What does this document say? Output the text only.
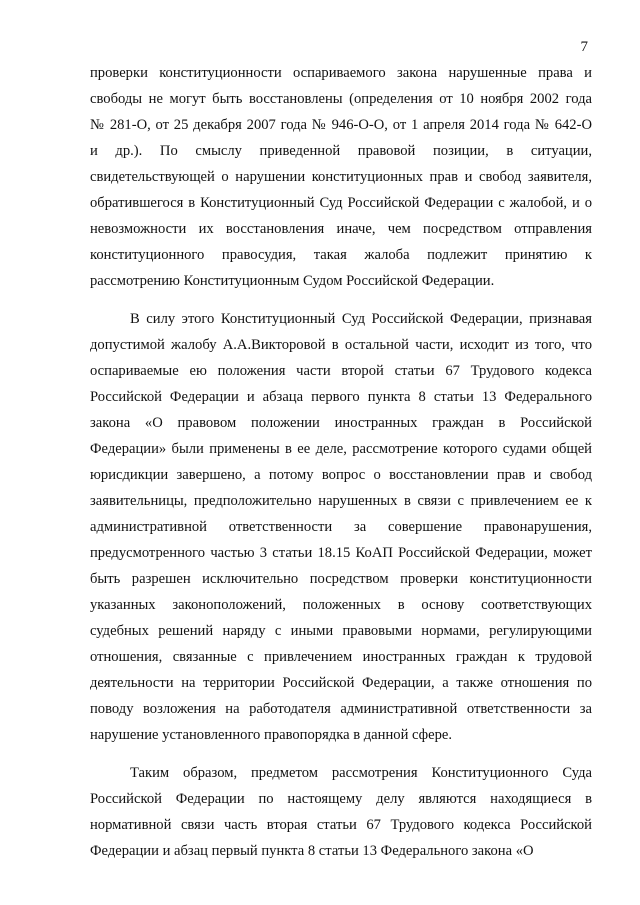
7
проверки конституционности оспариваемого закона нарушенные права и
свободы не могут быть восстановлены (определения от 10 ноября 2002 года
№ 281-О, от 25 декабря 2007 года № 946-О-О, от 1 апреля 2014 года № 642-О
и др.). По смыслу приведенной правовой позиции, в ситуации,
свидетельствующей о нарушении конституционных прав и свобод заявителя,
обратившегося в Конституционный Суд Российской Федерации с жалобой, и о
невозможности их восстановления иначе, чем посредством отправления
конституционного правосудия, такая жалоба подлежит принятию к
рассмотрению Конституционным Судом Российской Федерации.
В силу этого Конституционный Суд Российской Федерации, признавая
допустимой жалобу А.А.Викторовой в остальной части, исходит из того, что
оспариваемые ею положения части второй статьи 67 Трудового кодекса
Российской Федерации и абзаца первого пункта 8 статьи 13 Федерального
закона «О правовом положении иностранных граждан в Российской
Федерации» были применены в ее деле, рассмотрение которого судами общей
юрисдикции завершено, а потому вопрос о восстановлении прав и свобод
заявительницы, предположительно нарушенных в связи с привлечением ее к
административной ответственности за совершение правонарушения,
предусмотренного частью 3 статьи 18.15 КоАП Российской Федерации, может
быть разрешен исключительно посредством проверки конституционности
указанных законоположений, положенных в основу соответствующих
судебных решений наряду с иными правовыми нормами, регулирующими
отношения, связанные с привлечением иностранных граждан к трудовой
деятельности на территории Российской Федерации, а также отношения по
поводу возложения на работодателя административной ответственности за
нарушение установленного правопорядка в данной сфере.
Таким образом, предметом рассмотрения Конституционного Суда
Российской Федерации по настоящему делу являются находящиеся в
нормативной связи часть вторая статьи 67 Трудового кодекса Российской
Федерации и абзац первый пункта 8 статьи 13 Федерального закона «О
